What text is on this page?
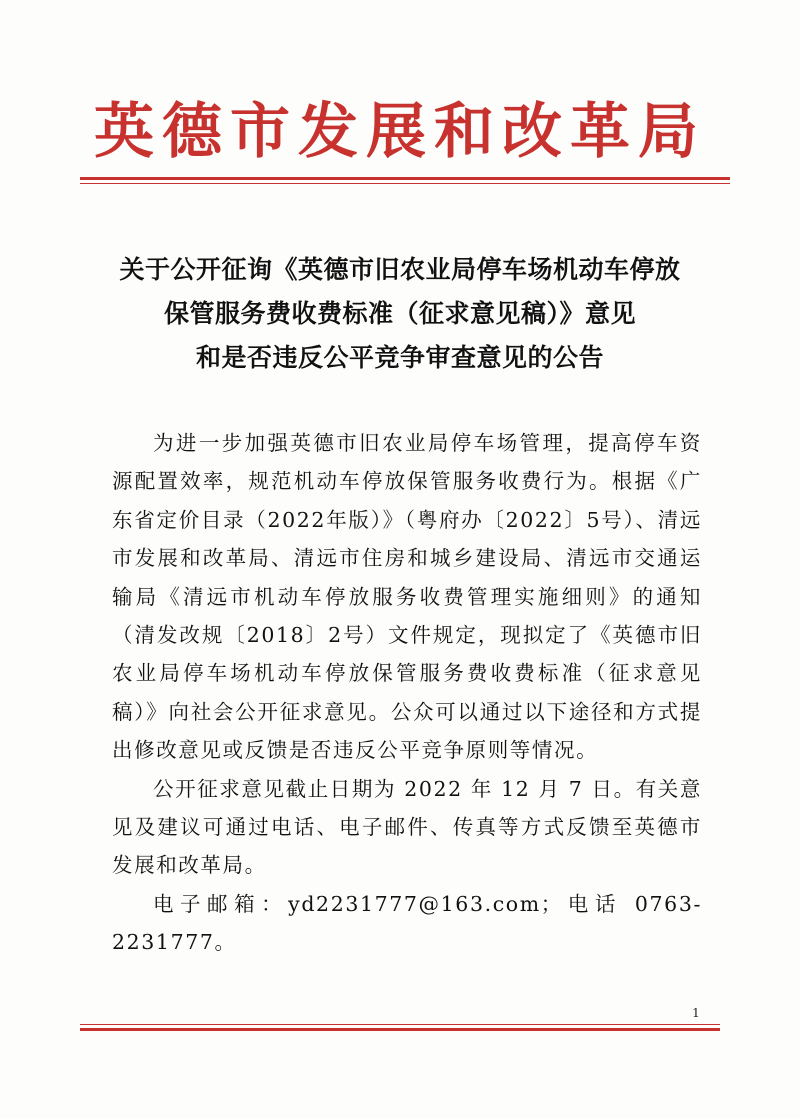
英德市发展和改革局
关于公开征询《英德市旧农业局停车场机动车停放
保管服务费收费标准（征求意见稿）》意见
和是否违反公平竞争审查意见的公告

为进一步加强英德市旧农业局停车场管理，提高停车资源配置效率，规范机动车停放保管服务收费行为。根据《广东省定价目录（2022年版）》（粤府办〔2022〕5号）、清远市发展和改革局、清远市住房和城乡建设局、清远市交通运输局《清远市机动车停放服务收费管理实施细则》的通知（清发改规〔2018〕2号）文件规定，现拟定了《英德市旧农业局停车场机动车停放保管服务费收费标准（征求意见稿）》向社会公开征求意见。公众可以通过以下途径和方式提出修改意见或反馈是否违反公平竞争原则等情况。

公开征求意见截止日期为 2022 年 12 月 7 日。有关意见及建议可通过电话、电子邮件、传真等方式反馈至英德市发展和改革局。

电子邮箱：yd2231777@163.com；电话 0763-2231777。

1
